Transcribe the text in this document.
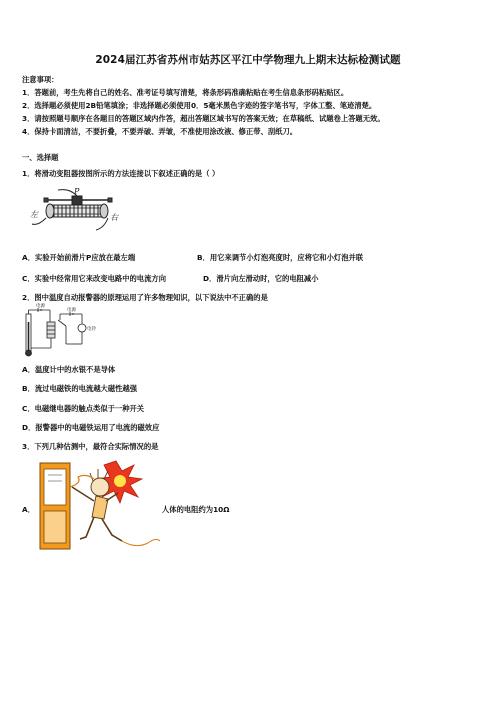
2024届江苏省苏州市姑苏区平江中学物理九上期末达标检测试题
注意事项：
1．答题前，考生先将自己的姓名、准考证号填写清楚，将条形码准确粘贴在考生信息条形码粘贴区。
2．选择题必须使用2B铅笔填涂；非选择题必须使用0．5毫米黑色字迹的签字笔书写，字体工整、笔迹清楚。
3．请按照题号顺序在各题目的答题区域内作答，超出答题区域书写的答案无效；在草稿纸、试题卷上答题无效。
4．保持卡面清洁，不要折叠，不要弄破、弄皱，不准使用涂改液、修正带、刮纸刀。
一、选择题
1．将滑动变阻器按图所示的方法连接以下叙述正确的是（ ）
P
左	右
A．实验开始前滑片P应放在最左端	B．用它来调节小灯泡亮度时，应将它和小灯泡并联
C．实验中经常用它来改变电路中的电流方向	D．滑片向左滑动时，它的电阻减小
2．图中温度自动报警器的原理运用了许多物理知识，以下说法中不正确的是
电源
电源
电铃
A．温度计中的水银不是导体
B．流过电磁铁的电流越大磁性越强
C．电磁继电器的触点类似于一种开关
D．报警器中的电磁铁运用了电流的磁效应
3．下列几种估测中，最符合实际情况的是
A．	人体的电阻约为10Ω
